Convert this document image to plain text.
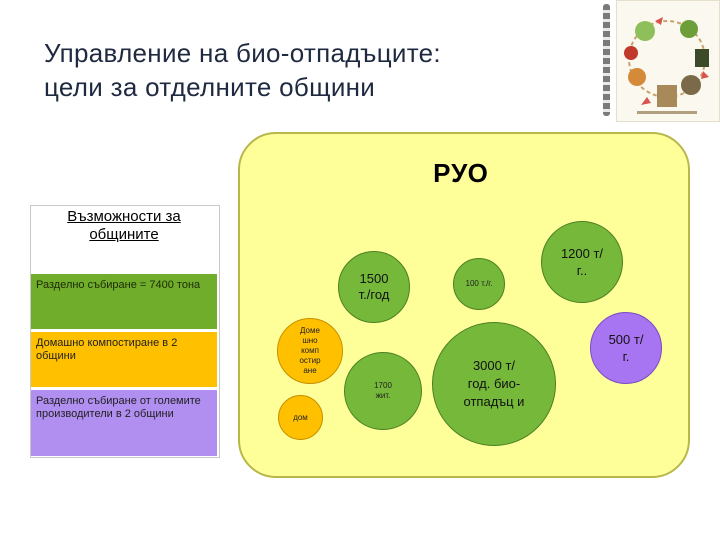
Управление на био-отпадъците:
цели за отделните общини
РУО
Възможности за общините
Разделно събиране = 7400 тона
Домашно компостиране в 2 общини
Разделно събиране от големите производители в 2 общини
1500 т./год
Доме шно комп остир ане
дом
1700 жит.
100 т./г.
1200 т/г..
3000 т/год. био- отпадъц и
500 т/г.
